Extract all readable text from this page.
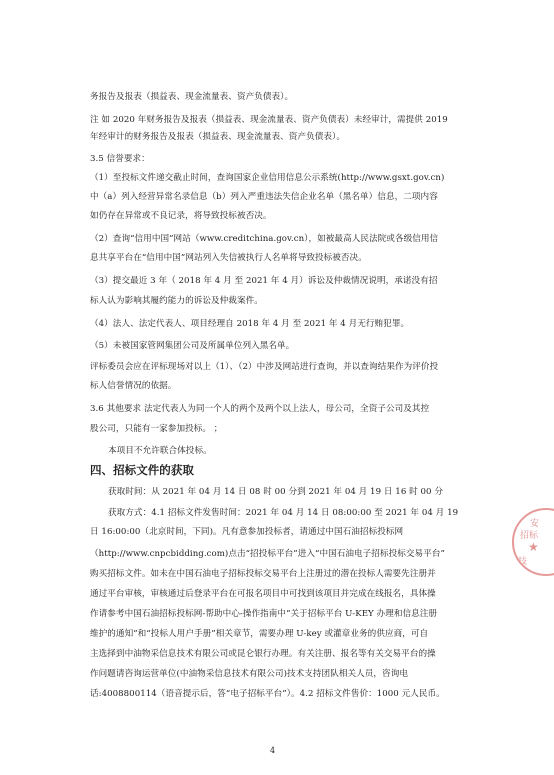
务报告及报表（损益表、现金流量表、资产负债表）。
注 如 2020 年财务报告及报表（损益表、现金流量表、资产负债表）未经审计，需提供 2019
年经审计的财务报告及报表（损益表、现金流量表、资产负债表）。
3.5 信誉要求：
（1）至投标文件递交截止时间，查询国家企业信用信息公示系统(http://www.gsxt.gov.cn)
中（a）列入经营异常名录信息（b）列入严重违法失信企业名单（黑名单）信息，二项内容
如仍存在异常或不良记录，将导致投标被否决。
（2）查询“信用中国”网站（www.creditchina.gov.cn），如被最高人民法院或各级信用信
息共享平台在“信用中国”网站列入失信被执行人名单将导致投标被否决。
（3）提交最近 3 年（ 2018 年 4 月 至 2021 年 4 月）诉讼及仲裁情况说明，承诺没有招
标人认为影响其履约能力的诉讼及仲裁案件。
（4）法人、法定代表人、项目经理自 2018 年 4 月 至 2021 年 4 月无行贿犯罪。
（5）未被国家管网集团公司及所属单位列入黑名单。
评标委员会应在评标现场对以上（1）、（2）中涉及网站进行查询，并以查询结果作为评价投
标人信誉情况的依据。
3.6 其他要求 法定代表人为同一个人的两个及两个以上法人，母公司，全资子公司及其控
股公司，只能有一家参加投标。 ；
本项目不允许联合体投标。
四、招标文件的获取
获取时间：从 2021 年 04 月 14 日 08 时 00 分到 2021 年 04 月 19 日 16 时 00 分
获取方式：4.1 招标文件发售时间：2021 年 04 月 14 日 08:00:00 至 2021 年 04 月 19
日 16:00:00（北京时间，下同)。凡有意参加投标者，请通过中国石油招标投标网
（http://www.cnpcbidding.com)点击“招投标平台”进入“中国石油电子招标投标交易平台”
购买招标文件。如未在中国石油电子招标投标交易平台上注册过的潜在投标人需要先注册并
通过平台审核，审核通过后登录平台在可报名项目中可找到该项目并完成在线报名，具体操
作请参考中国石油招标投标网-帮助中心-操作指南中“关于招标平台 U-KEY 办理和信息注册
维护的通知”和“投标人用户手册”相关章节，需要办理 U-key 或灌章业务的供应商，可自
主选择到中油物采信息技术有限公司或昆仑银行办理。有关注册、报名等有关交易平台的操
作问题请咨询运营单位(中油物采信息技术有限公司)技术支持团队相关人员，咨询电
话:4008800114（语音提示后，答“电子招标平台”）。4.2 招标文件售价：1000 元人民币。
安
招标
技
★
4
